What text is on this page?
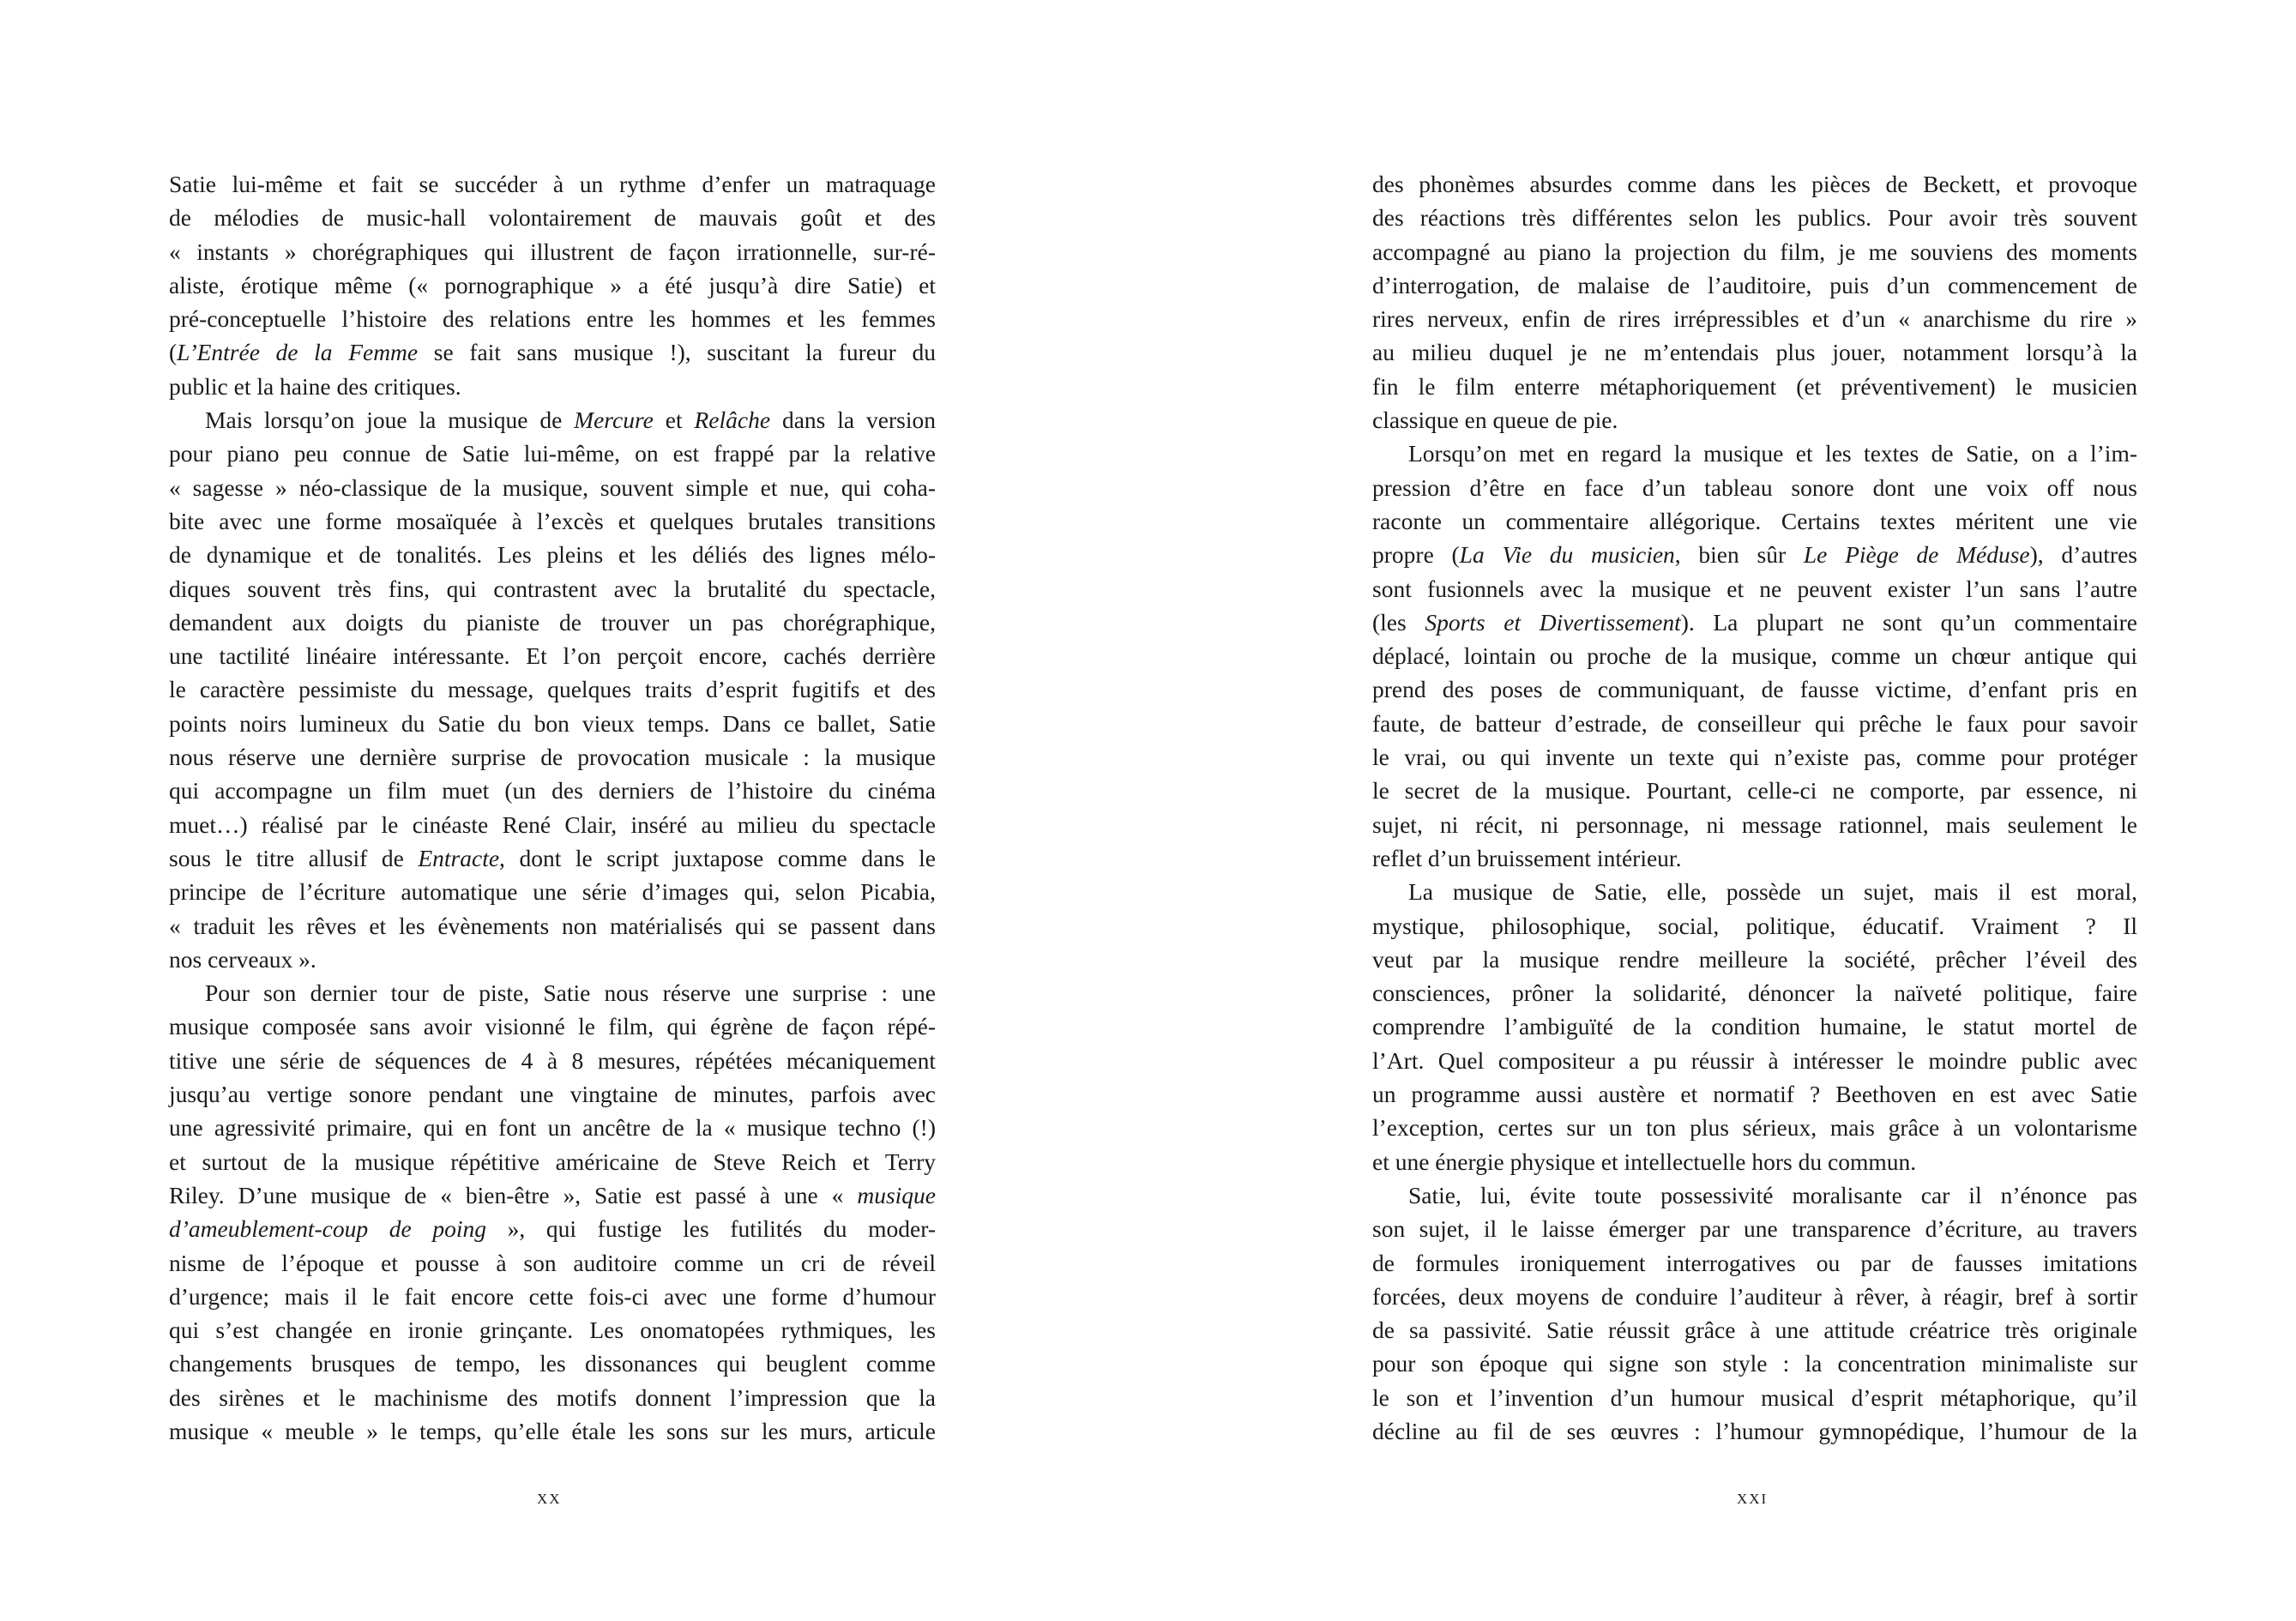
Satie lui-même et fait se succéder à un rythme d’enfer un matraquage
de mélodies de music-hall volontairement de mauvais goût et des
« instants » chorégraphiques qui illustrent de façon irrationnelle, sur-ré-
aliste, érotique même (« pornographique » a été jusqu’à dire Satie) et
pré-conceptuelle l’histoire des relations entre les hommes et les femmes
(L’Entrée de la Femme se fait sans musique !), suscitant la fureur du
public et la haine des critiques.
Mais lorsqu’on joue la musique de Mercure et Relâche dans la version
pour piano peu connue de Satie lui-même, on est frappé par la relative
« sagesse » néo-classique de la musique, souvent simple et nue, qui coha-
bite avec une forme mosaïquée à l’excès et quelques brutales transitions
de dynamique et de tonalités. Les pleins et les déliés des lignes mélo-
diques souvent très fins, qui contrastent avec la brutalité du spectacle,
demandent aux doigts du pianiste de trouver un pas chorégraphique,
une tactilité linéaire intéressante. Et l’on perçoit encore, cachés derrière
le caractère pessimiste du message, quelques traits d’esprit fugitifs et des
points noirs lumineux du Satie du bon vieux temps. Dans ce ballet, Satie
nous réserve une dernière surprise de provocation musicale : la musique
qui accompagne un film muet (un des derniers de l’histoire du cinéma
muet…) réalisé par le cinéaste René Clair, inséré au milieu du spectacle
sous le titre allusif de Entracte, dont le script juxtapose comme dans le
principe de l’écriture automatique une série d’images qui, selon Picabia,
« traduit les rêves et les évènements non matérialisés qui se passent dans
nos cerveaux ».
Pour son dernier tour de piste, Satie nous réserve une surprise : une
musique composée sans avoir visionné le film, qui égrène de façon répé-
titive une série de séquences de 4 à 8 mesures, répétées mécaniquement
jusqu’au vertige sonore pendant une vingtaine de minutes, parfois avec
une agressivité primaire, qui en font un ancêtre de la « musique techno (!)
et surtout de la musique répétitive américaine de Steve Reich et Terry
Riley. D’une musique de « bien-être », Satie est passé à une « musique
d’ameublement-coup de poing », qui fustige les futilités du moder-
nisme de l’époque et pousse à son auditoire comme un cri de réveil
d’urgence; mais il le fait encore cette fois-ci avec une forme d’humour
qui s’est changée en ironie grinçante. Les onomatopées rythmiques, les
changements brusques de tempo, les dissonances qui beuglent comme
des sirènes et le machinisme des motifs donnent l’impression que la
musique « meuble » le temps, qu’elle étale les sons sur les murs, articule
xx
des phonèmes absurdes comme dans les pièces de Beckett, et provoque
des réactions très différentes selon les publics. Pour avoir très souvent
accompagné au piano la projection du film, je me souviens des moments
d’interrogation, de malaise de l’auditoire, puis d’un commencement de
rires nerveux, enfin de rires irrépressibles et d’un « anarchisme du rire »
au milieu duquel je ne m’entendais plus jouer, notamment lorsqu’à la
fin le film enterre métaphoriquement (et préventivement) le musicien
classique en queue de pie.
Lorsqu’on met en regard la musique et les textes de Satie, on a l’im-
pression d’être en face d’un tableau sonore dont une voix off nous
raconte un commentaire allégorique. Certains textes méritent une vie
propre (La Vie du musicien, bien sûr Le Piège de Méduse), d’autres
sont fusionnels avec la musique et ne peuvent exister l’un sans l’autre
(les Sports et Divertissement). La plupart ne sont qu’un commentaire
déplacé, lointain ou proche de la musique, comme un chœur antique qui
prend des poses de communiquant, de fausse victime, d’enfant pris en
faute, de batteur d’estrade, de conseilleur qui prêche le faux pour savoir
le vrai, ou qui invente un texte qui n’existe pas, comme pour protéger
le secret de la musique. Pourtant, celle-ci ne comporte, par essence, ni
sujet, ni récit, ni personnage, ni message rationnel, mais seulement le
reflet d’un bruissement intérieur.
La musique de Satie, elle, possède un sujet, mais il est moral,
mystique, philosophique, social, politique, éducatif. Vraiment ? Il
veut par la musique rendre meilleure la société, prêcher l’éveil des
consciences, prôner la solidarité, dénoncer la naïveté politique, faire
comprendre l’ambiguïté de la condition humaine, le statut mortel de
l’Art. Quel compositeur a pu réussir à intéresser le moindre public avec
un programme aussi austère et normatif ? Beethoven en est avec Satie
l’exception, certes sur un ton plus sérieux, mais grâce à un volontarisme
et une énergie physique et intellectuelle hors du commun.
Satie, lui, évite toute possessivité moralisante car il n’énonce pas
son sujet, il le laisse émerger par une transparence d’écriture, au travers
de formules ironiquement interrogatives ou par de fausses imitations
forcées, deux moyens de conduire l’auditeur à rêver, à réagir, bref à sortir
de sa passivité. Satie réussit grâce à une attitude créatrice très originale
pour son époque qui signe son style : la concentration minimaliste sur
le son et l’invention d’un humour musical d’esprit métaphorique, qu’il
décline au fil de ses œuvres : l’humour gymnopédique, l’humour de la
xxi
